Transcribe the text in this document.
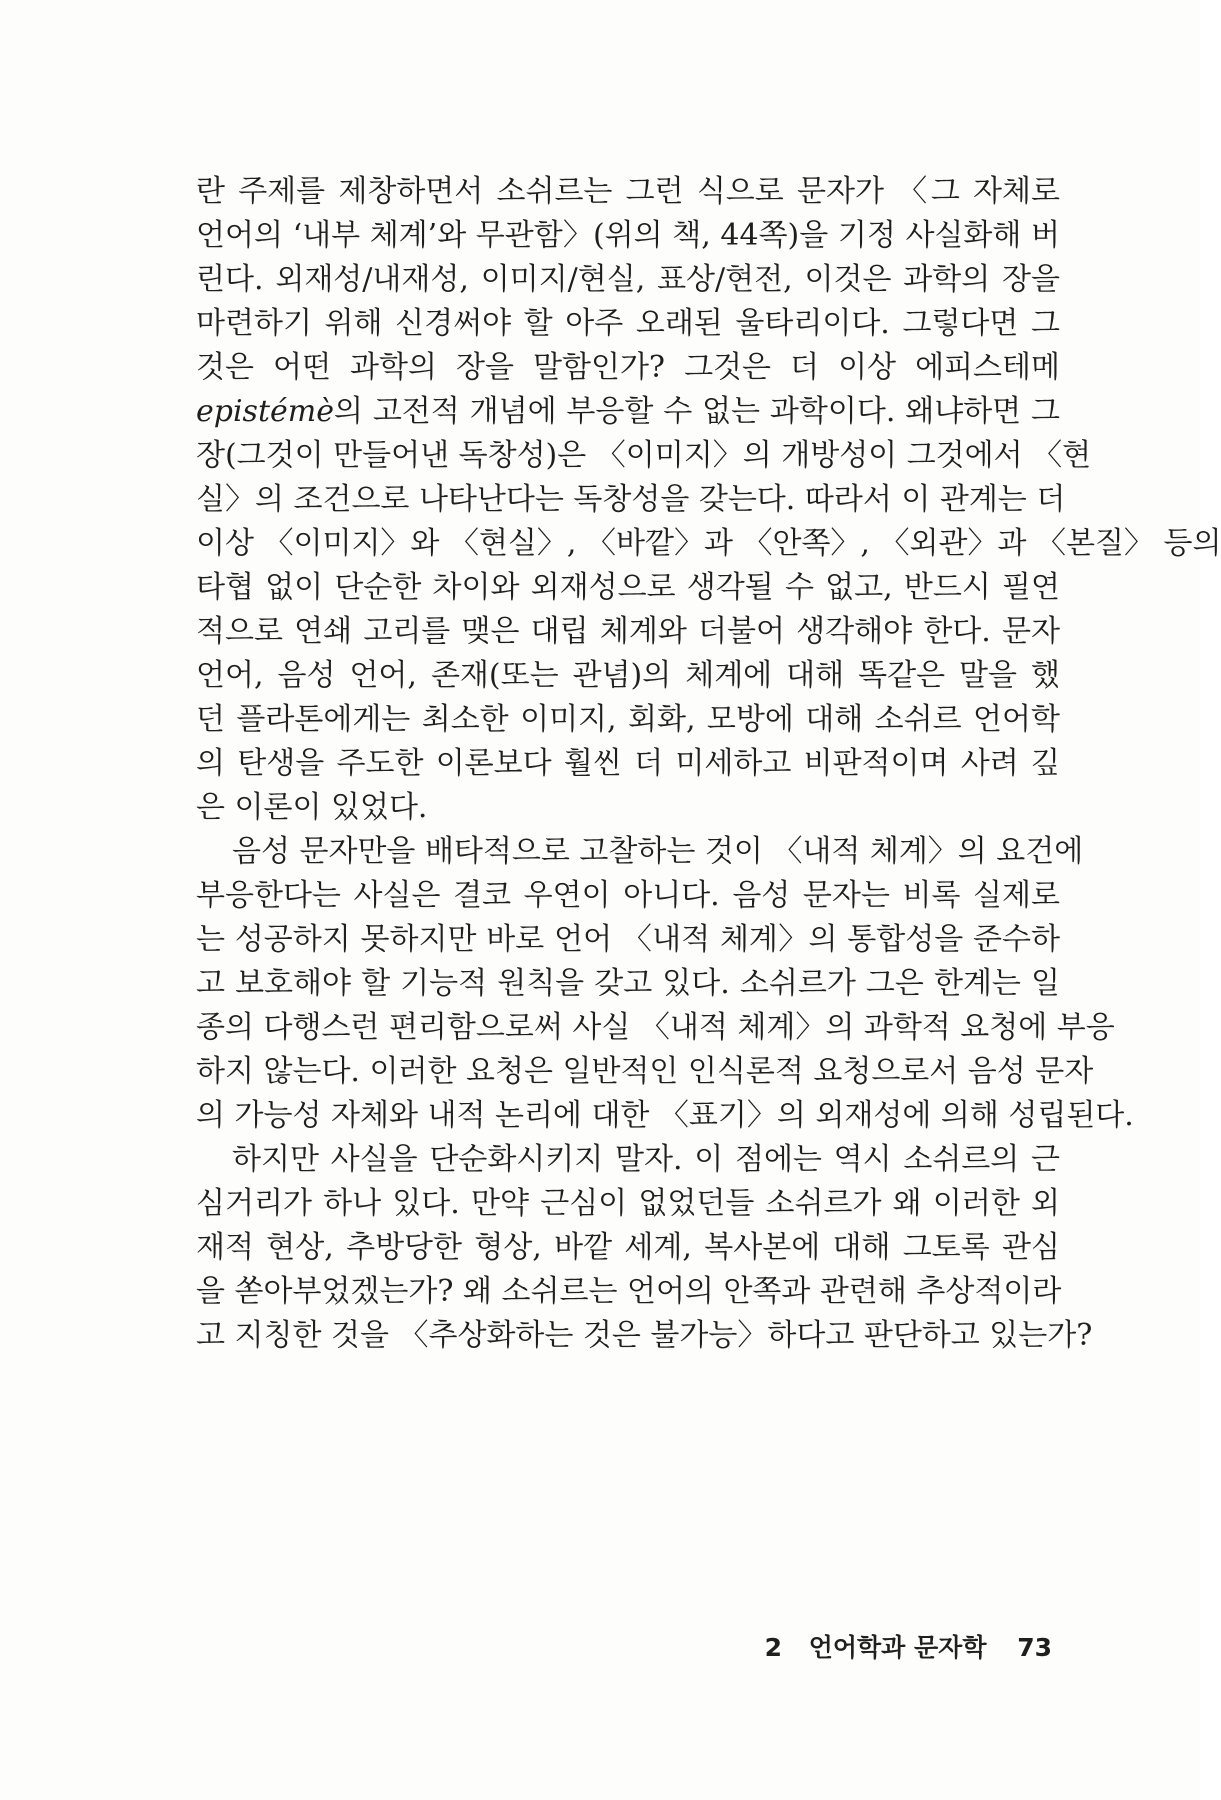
란 주제를 제창하면서 소쉬르는 그런 식으로 문자가 〈그 자체로
언어의 ‘내부 체계’와 무관함〉(위의 책, 44쪽)을 기정 사실화해 버
린다. 외재성/내재성, 이미지/현실, 표상/현전, 이것은 과학의 장을
마련하기 위해 신경써야 할 아주 오래된 울타리이다. 그렇다면 그
것은 어떤 과학의 장을 말함인가? 그것은 더 이상 에피스테메
epistémè의 고전적 개념에 부응할 수 없는 과학이다. 왜냐하면 그
장(그것이 만들어낸 독창성)은 〈이미지〉의 개방성이 그것에서 〈현
실〉의 조건으로 나타난다는 독창성을 갖는다. 따라서 이 관계는 더
이상 〈이미지〉와 〈현실〉, 〈바깥〉과 〈안쪽〉, 〈외관〉과 〈본질〉 등의
타협 없이 단순한 차이와 외재성으로 생각될 수 없고, 반드시 필연
적으로 연쇄 고리를 맺은 대립 체계와 더불어 생각해야 한다. 문자
언어, 음성 언어, 존재(또는 관념)의 체계에 대해 똑같은 말을 했
던 플라톤에게는 최소한 이미지, 회화, 모방에 대해 소쉬르 언어학
의 탄생을 주도한 이론보다 훨씬 더 미세하고 비판적이며 사려 깊
은 이론이 있었다.
음성 문자만을 배타적으로 고찰하는 것이 〈내적 체계〉의 요건에
부응한다는 사실은 결코 우연이 아니다. 음성 문자는 비록 실제로
는 성공하지 못하지만 바로 언어 〈내적 체계〉의 통합성을 준수하
고 보호해야 할 기능적 원칙을 갖고 있다. 소쉬르가 그은 한계는 일
종의 다행스런 편리함으로써 사실 〈내적 체계〉의 과학적 요청에 부응
하지 않는다. 이러한 요청은 일반적인 인식론적 요청으로서 음성 문자
의 가능성 자체와 내적 논리에 대한 〈표기〉의 외재성에 의해 성립된다.
하지만 사실을 단순화시키지 말자. 이 점에는 역시 소쉬르의 근
심거리가 하나 있다. 만약 근심이 없었던들 소쉬르가 왜 이러한 외
재적 현상, 추방당한 형상, 바깥 세계, 복사본에 대해 그토록 관심
을 쏟아부었겠는가? 왜 소쉬르는 언어의 안쪽과 관련해 추상적이라
고 지칭한 것을 〈추상화하는 것은 불가능〉하다고 판단하고 있는가?
2 언어학과 문자학 73
